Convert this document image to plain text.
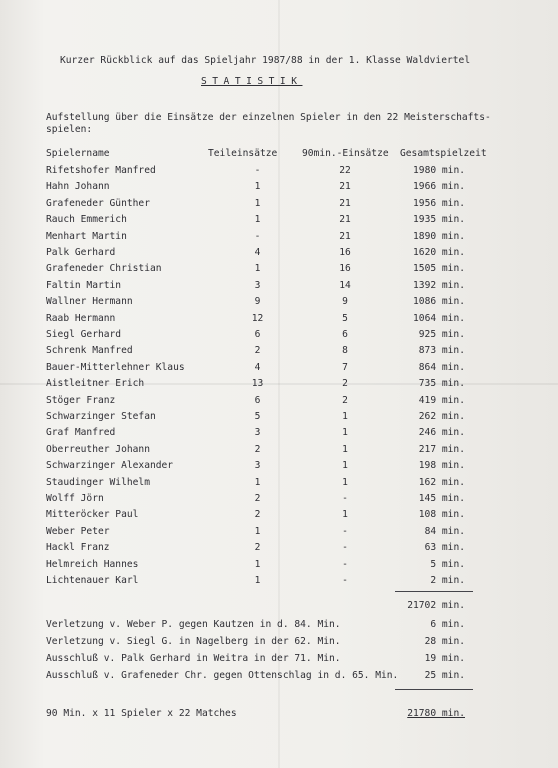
Kurzer Rückblick auf das Spieljahr 1987/88 in der 1. Klasse Waldviertel
STATISTIK
Aufstellung über die Einsätze der einzelnen Spieler in den 22 Meisterschafts-
spielen:
Spielername	Teileinsätze	90min.-Einsätze Gesamtspielzeit
Rifetshofer Manfred	-	22	1980 min.
Hahn Johann	1	21	1966 min.
Grafeneder Günther	1	21	1956 min.
Rauch Emmerich	1	21	1935 min.
Menhart Martin	-	21	1890 min.
Palk Gerhard	4	16	1620 min.
Grafeneder Christian	1	16	1505 min.
Faltin Martin	3	14	1392 min.
Wallner Hermann	9	9	1086 min.
Raab Hermann	12	5	1064 min.
Siegl Gerhard	6	6	925 min.
Schrenk Manfred	2	8	873 min.
Bauer-Mitterlehner Klaus	4	7	864 min.
Aistleitner Erich	13	2	735 min.
Stöger Franz	6	2	419 min.
Schwarzinger Stefan	5	1	262 min.
Graf Manfred	3	1	246 min.
Oberreuther Johann	2	1	217 min.
Schwarzinger Alexander	3	1	198 min.
Staudinger Wilhelm	1	1	162 min.
Wolff Jörn	2	-	145 min.
Mitteröcker Paul	2	1	108 min.
Weber Peter	1	-	84 min.
Hackl Franz	2	-	63 min.
Helmreich Hannes	1	-	5 min.
Lichtenauer Karl	1	-	2 min.
21702 min.
Verletzung v. Weber P. gegen Kautzen in d. 84. Min.	6 min.
Verletzung v. Siegl G. in Nagelberg in der 62. Min.	28 min.
Ausschluß v. Palk Gerhard in Weitra in der 71. Min.	19 min.
Ausschluß v. Grafeneder Chr. gegen Ottenschlag in d. 65. Min.	25 min.
90 Min. x 11 Spieler x 22 Matches	21780 min.
